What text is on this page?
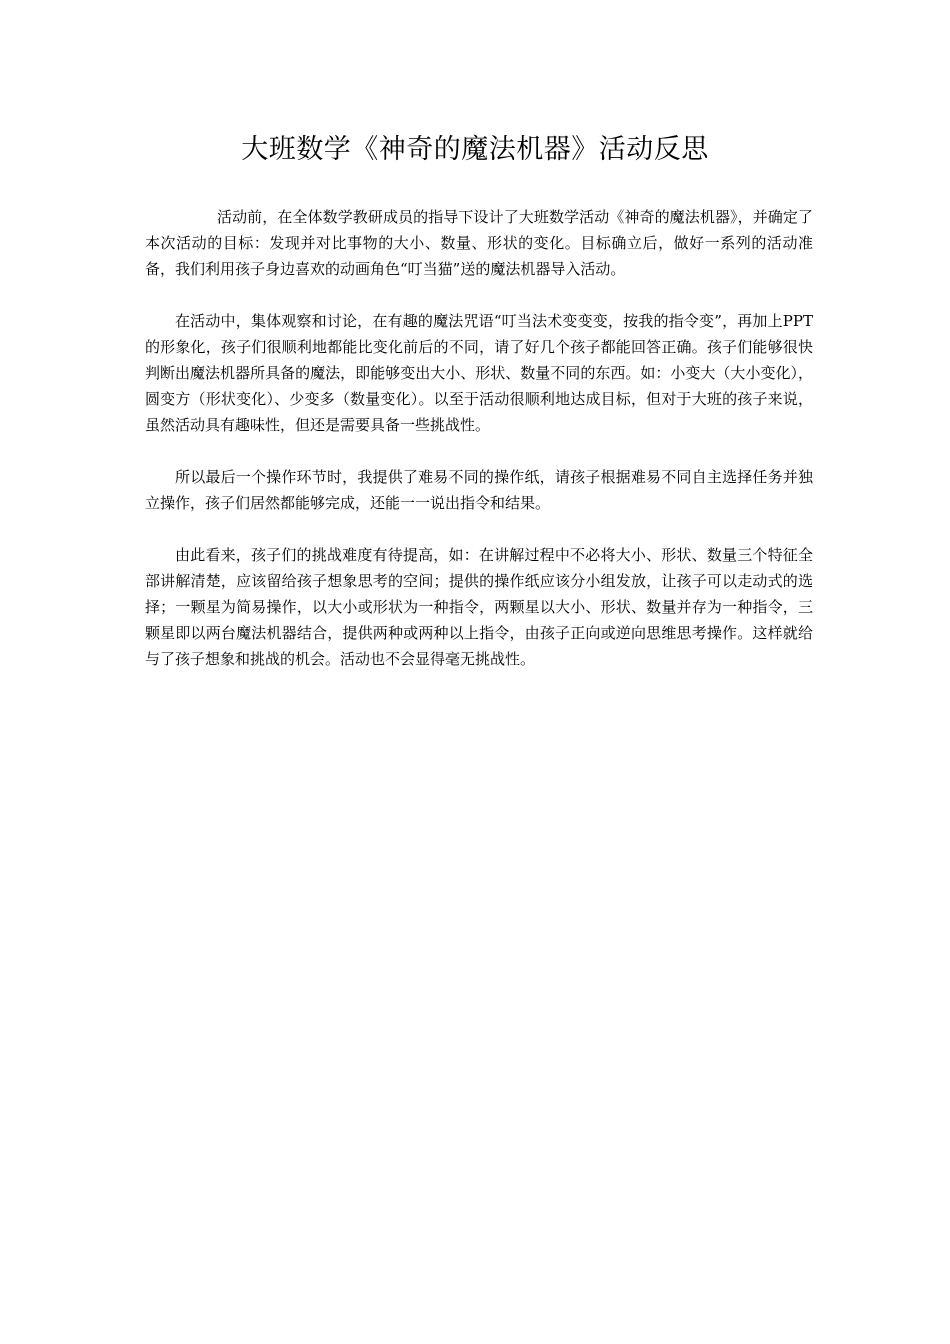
大班数学《神奇的魔法机器》活动反思

活动前，在全体数学教研成员的指导下设计了大班数学活动《神奇的魔法机器》，并确定了本次活动的目标：发现并对比事物的大小、数量、形状的变化。目标确立后，做好一系列的活动准备，我们利用孩子身边喜欢的动画角色“叮当猫”送的魔法机器导入活动。

在活动中，集体观察和讨论，在有趣的魔法咒语“叮当法术变变变，按我的指令变”，再加上PPT的形象化，孩子们很顺利地都能比变化前后的不同，请了好几个孩子都能回答正确。孩子们能够很快判断出魔法机器所具备的魔法，即能够变出大小、形状、数量不同的东西。如：小变大（大小变化），圆变方（形状变化）、少变多（数量变化）。以至于活动很顺利地达成目标，但对于大班的孩子来说，虽然活动具有趣味性，但还是需要具备一些挑战性。

所以最后一个操作环节时，我提供了难易不同的操作纸，请孩子根据难易不同自主选择任务并独立操作，孩子们居然都能够完成，还能一一说出指令和结果。

由此看来，孩子们的挑战难度有待提高，如：在讲解过程中不必将大小、形状、数量三个特征全部讲解清楚，应该留给孩子想象思考的空间；提供的操作纸应该分小组发放，让孩子可以走动式的选择；一颗星为简易操作，以大小或形状为一种指令，两颗星以大小、形状、数量并存为一种指令，三颗星即以两台魔法机器结合，提供两种或两种以上指令，由孩子正向或逆向思维思考操作。这样就给与了孩子想象和挑战的机会。活动也不会显得毫无挑战性。
